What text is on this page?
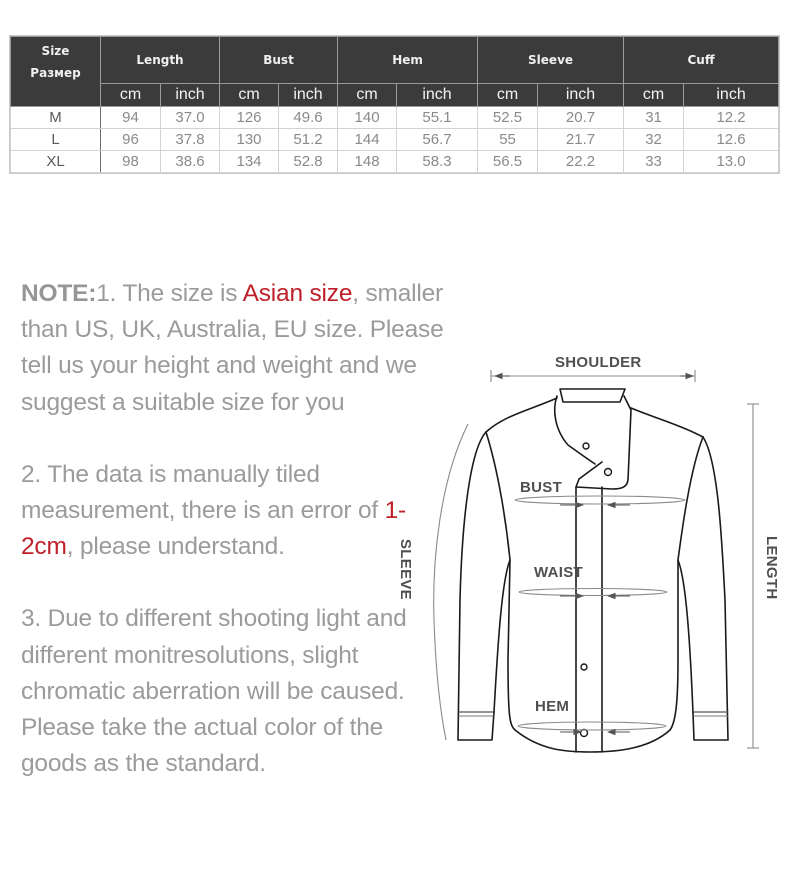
Size
Размер	Length		Bust		Hem		Sleeve		Cuff	
	cm	inch	cm	inch	cm	inch	cm	inch	cm	inch
M	94	37.0	126	49.6	140	55.1	52.5	20.7	31	12.2
L	96	37.8	130	51.2	144	56.7	55	21.7	32	12.6
XL	98	38.6	134	52.8	148	58.3	56.5	22.2	33	13.0

NOTE:1. The size is Asian size, smaller than US, UK, Australia, EU size. Please tell us your height and weight and we suggest a suitable size for you

2. The data is manually tiled measurement, there is an error of 1-2cm, please understand.

3. Due to different shooting light and different monitresolutions, slight chromatic aberration will be caused. Please take the actual color of the goods as the standard.

SHOULDER
BUST
WAIST
HEM
SLEEVE	LENGTH
